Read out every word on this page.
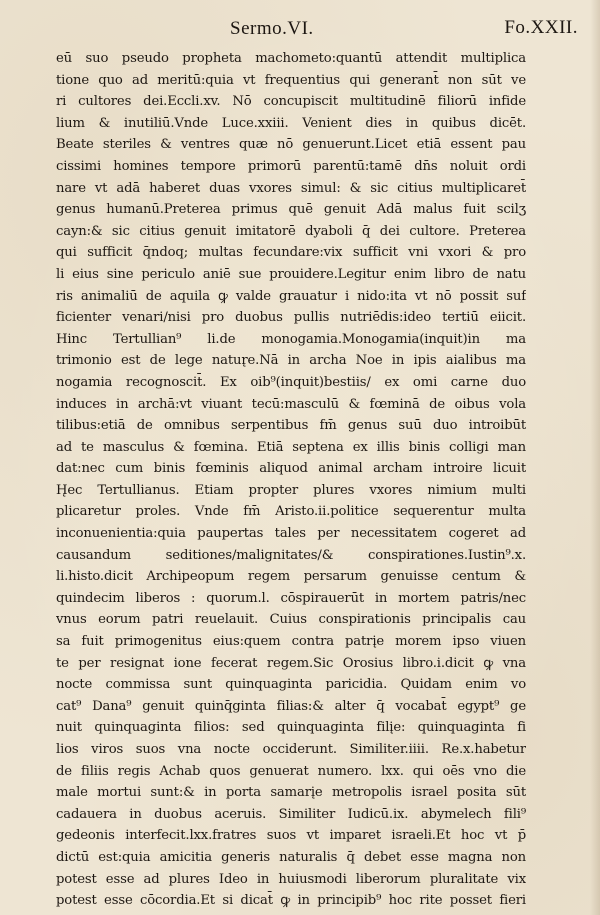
Sermo.VI.	Fo.XXII.
eū suo pseudo propheta machometo:quantū attendit multiplica
tione quo ad meritū:quia vt frequentius qui generant̄ non sūt ve
ri cultores dei.Eccli.xv. Nō concupiscit multitudinē filiorū infide
lium & inutiliū.Vnde Luce.xxiii. Venient dies in quibus dicēt.
Beate steriles & ventres quæ nō genuerunt.Licet etiā essent pau
cissimi homines tempore primorū parentū:tamē dn̄s noluit ordi
nare vt adā haberet duas vxores simul: & sic citius multiplicaret̄
genus humanū.Preterea primus quē genuit Adā malus fuit scilʒ
cayn:& sic citius genuit imitatorē dyaboli q̄ dei cultore. Preterea
qui sufficit q̄ndoq; multas fecundare:vix sufficit vni vxori & pro
li eius sine periculo aniē sue prouidere.Legitur enim libro de natu
ris animaliū de aquila ꝙ valde grauatur i nido:ita vt nō possit suf
ficienter venari/nisi pro duobus pullis nutriēdis:ideo tertiū eiicit.
Hinc Tertullian⁹ li.de monogamia.Monogamia(inquit)in ma
trimonio est de lege natur̨e.Nā in archa Noe in ipis aialibus ma
nogamia recognoscit̄. Ex oib⁹(inquit)bestiis/ ex omi carne duo
induces in archā:vt viuant tecū:masculū & fœminā de oibus vola
tilibus:etiā de omnibus serpentibus fm̄ genus suū duo introibūt
ad te masculus & fœmina. Etiā septena ex illis binis colligi man
dat:nec cum binis fœminis aliquod animal archam introire licuit
H̨ec Tertullianus. Etiam propter plures vxores nimium multi
plicaretur proles. Vnde fm̄ Aristo.ii.politice sequerentur multa
inconuenientia:quia paupertas tales per necessitatem cogeret ad
causandum seditiones/malignitates/& conspirationes.Iustin⁹.x.
li.histo.dicit Archipeopum regem persarum genuisse centum &
quindecim liberos : quorum.l. cōspirauerūt in mortem patris/nec
vnus eorum patri reuelauit. Cuius conspirationis principalis cau
sa fuit primogenitus eius:quem contra patrįe morem ipso viuen
te per resignat ione fecerat regem.Sic Orosius libro.i.dicit ꝙ vna
nocte commissa sunt quinquaginta paricidia. Quidam enim vo
cat⁹ Dana⁹ genuit quinq̄ginta filias:& alter q̄ vocabat̄ egypt⁹ ge
nuit quinquaginta filios: sed quinquaginta filįe: quinquaginta fi
lios viros suos vna nocte occiderunt. Similiter.iiii. Re.x.habetur
de filiis regis Achab quos genuerat numero. lxx. qui oēs vno die
male mortui sunt:& in porta samarįe metropolis israel posita sūt
cadauera in duobus aceruis. Similiter Iudicū.ix. abymelech fili⁹
gedeonis interfecit.lxx.fratres suos vt imparet israeli.Et hoc vt p̄
dictū est:quia amicitia generis naturalis q̄ debet esse magna non
potest esse ad plures Ideo in huiusmodi liberorum pluralitate vix
potest esse cōcordia.Et si dicat̄ ꝙ in principib⁹ hoc rite posset fieri
